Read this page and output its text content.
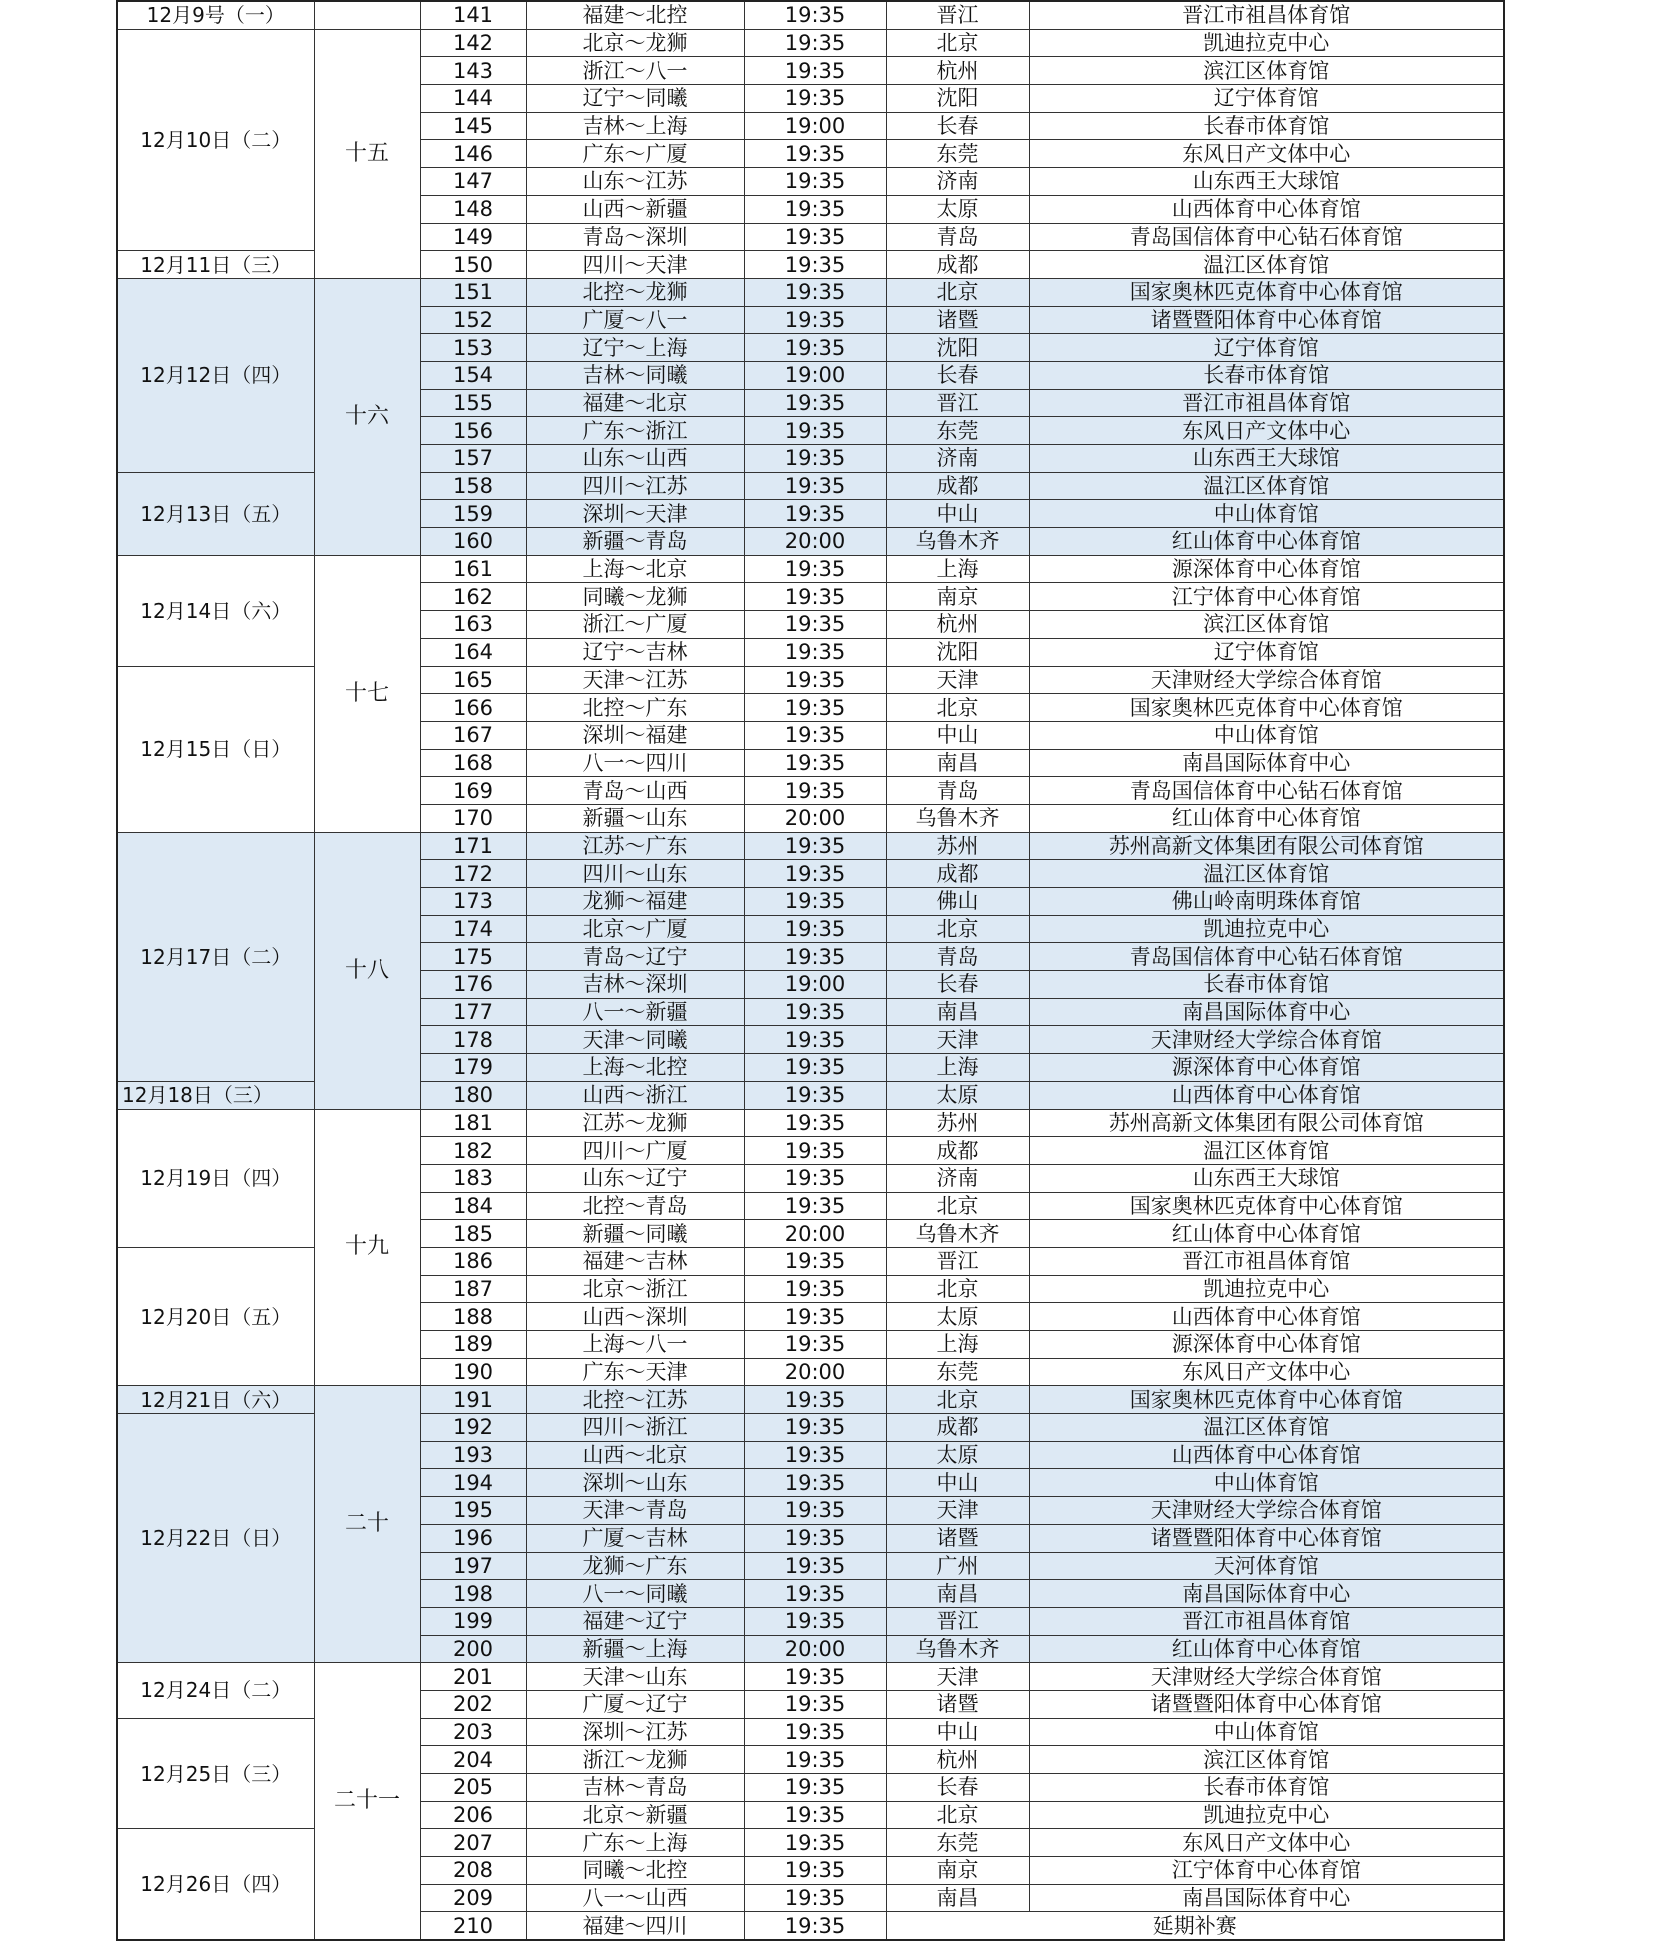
12月9号（一）		141	福建～北控	19:35	晋江	晋江市祖昌体育馆
12月10日（二）	十五	142	北京～龙狮	19:35	北京	凯迪拉克中心
		143	浙江～八一	19:35	杭州	滨江区体育馆
		144	辽宁～同曦	19:35	沈阳	辽宁体育馆
		145	吉林～上海	19:00	长春	长春市体育馆
		146	广东～广厦	19:35	东莞	东风日产文体中心
		147	山东～江苏	19:35	济南	山东西王大球馆
		148	山西～新疆	19:35	太原	山西体育中心体育馆
		149	青岛～深圳	19:35	青岛	青岛国信体育中心钻石体育馆
12月11日（三）		150	四川～天津	19:35	成都	温江区体育馆
12月12日（四）	十六	151	北控～龙狮	19:35	北京	国家奥林匹克体育中心体育馆
		152	广厦～八一	19:35	诸暨	诸暨暨阳体育中心体育馆
		153	辽宁～上海	19:35	沈阳	辽宁体育馆
		154	吉林～同曦	19:00	长春	长春市体育馆
		155	福建～北京	19:35	晋江	晋江市祖昌体育馆
		156	广东～浙江	19:35	东莞	东风日产文体中心
		157	山东～山西	19:35	济南	山东西王大球馆
12月13日（五）		158	四川～江苏	19:35	成都	温江区体育馆
		159	深圳～天津	19:35	中山	中山体育馆
		160	新疆～青岛	20:00	乌鲁木齐	红山体育中心体育馆
12月14日（六）	十七	161	上海～北京	19:35	上海	源深体育中心体育馆
		162	同曦～龙狮	19:35	南京	江宁体育中心体育馆
		163	浙江～广厦	19:35	杭州	滨江区体育馆
		164	辽宁～吉林	19:35	沈阳	辽宁体育馆
12月15日（日）		165	天津～江苏	19:35	天津	天津财经大学综合体育馆
		166	北控～广东	19:35	北京	国家奥林匹克体育中心体育馆
		167	深圳～福建	19:35	中山	中山体育馆
		168	八一～四川	19:35	南昌	南昌国际体育中心
		169	青岛～山西	19:35	青岛	青岛国信体育中心钻石体育馆
		170	新疆～山东	20:00	乌鲁木齐	红山体育中心体育馆
12月17日（二）	十八	171	江苏～广东	19:35	苏州	苏州高新文体集团有限公司体育馆
		172	四川～山东	19:35	成都	温江区体育馆
		173	龙狮～福建	19:35	佛山	佛山岭南明珠体育馆
		174	北京～广厦	19:35	北京	凯迪拉克中心
		175	青岛～辽宁	19:35	青岛	青岛国信体育中心钻石体育馆
		176	吉林～深圳	19:00	长春	长春市体育馆
		177	八一～新疆	19:35	南昌	南昌国际体育中心
		178	天津～同曦	19:35	天津	天津财经大学综合体育馆
		179	上海～北控	19:35	上海	源深体育中心体育馆
12月18日（三）		180	山西～浙江	19:35	太原	山西体育中心体育馆
12月19日（四）	十九	181	江苏～龙狮	19:35	苏州	苏州高新文体集团有限公司体育馆
		182	四川～广厦	19:35	成都	温江区体育馆
		183	山东～辽宁	19:35	济南	山东西王大球馆
		184	北控～青岛	19:35	北京	国家奥林匹克体育中心体育馆
		185	新疆～同曦	20:00	乌鲁木齐	红山体育中心体育馆
12月20日（五）		186	福建～吉林	19:35	晋江	晋江市祖昌体育馆
		187	北京～浙江	19:35	北京	凯迪拉克中心
		188	山西～深圳	19:35	太原	山西体育中心体育馆
		189	上海～八一	19:35	上海	源深体育中心体育馆
		190	广东～天津	20:00	东莞	东风日产文体中心
12月21日（六）	二十	191	北控～江苏	19:35	北京	国家奥林匹克体育中心体育馆
12月22日（日）		192	四川～浙江	19:35	成都	温江区体育馆
		193	山西～北京	19:35	太原	山西体育中心体育馆
		194	深圳～山东	19:35	中山	中山体育馆
		195	天津～青岛	19:35	天津	天津财经大学综合体育馆
		196	广厦～吉林	19:35	诸暨	诸暨暨阳体育中心体育馆
		197	龙狮～广东	19:35	广州	天河体育馆
		198	八一～同曦	19:35	南昌	南昌国际体育中心
		199	福建～辽宁	19:35	晋江	晋江市祖昌体育馆
		200	新疆～上海	20:00	乌鲁木齐	红山体育中心体育馆
12月24日（二）	二十一	201	天津～山东	19:35	天津	天津财经大学综合体育馆
		202	广厦～辽宁	19:35	诸暨	诸暨暨阳体育中心体育馆
12月25日（三）		203	深圳～江苏	19:35	中山	中山体育馆
		204	浙江～龙狮	19:35	杭州	滨江区体育馆
		205	吉林～青岛	19:35	长春	长春市体育馆
		206	北京～新疆	19:35	北京	凯迪拉克中心
12月26日（四）		207	广东～上海	19:35	东莞	东风日产文体中心
		208	同曦～北控	19:35	南京	江宁体育中心体育馆
		209	八一～山西	19:35	南昌	南昌国际体育中心
		210	福建～四川	19:35	延期补赛	
